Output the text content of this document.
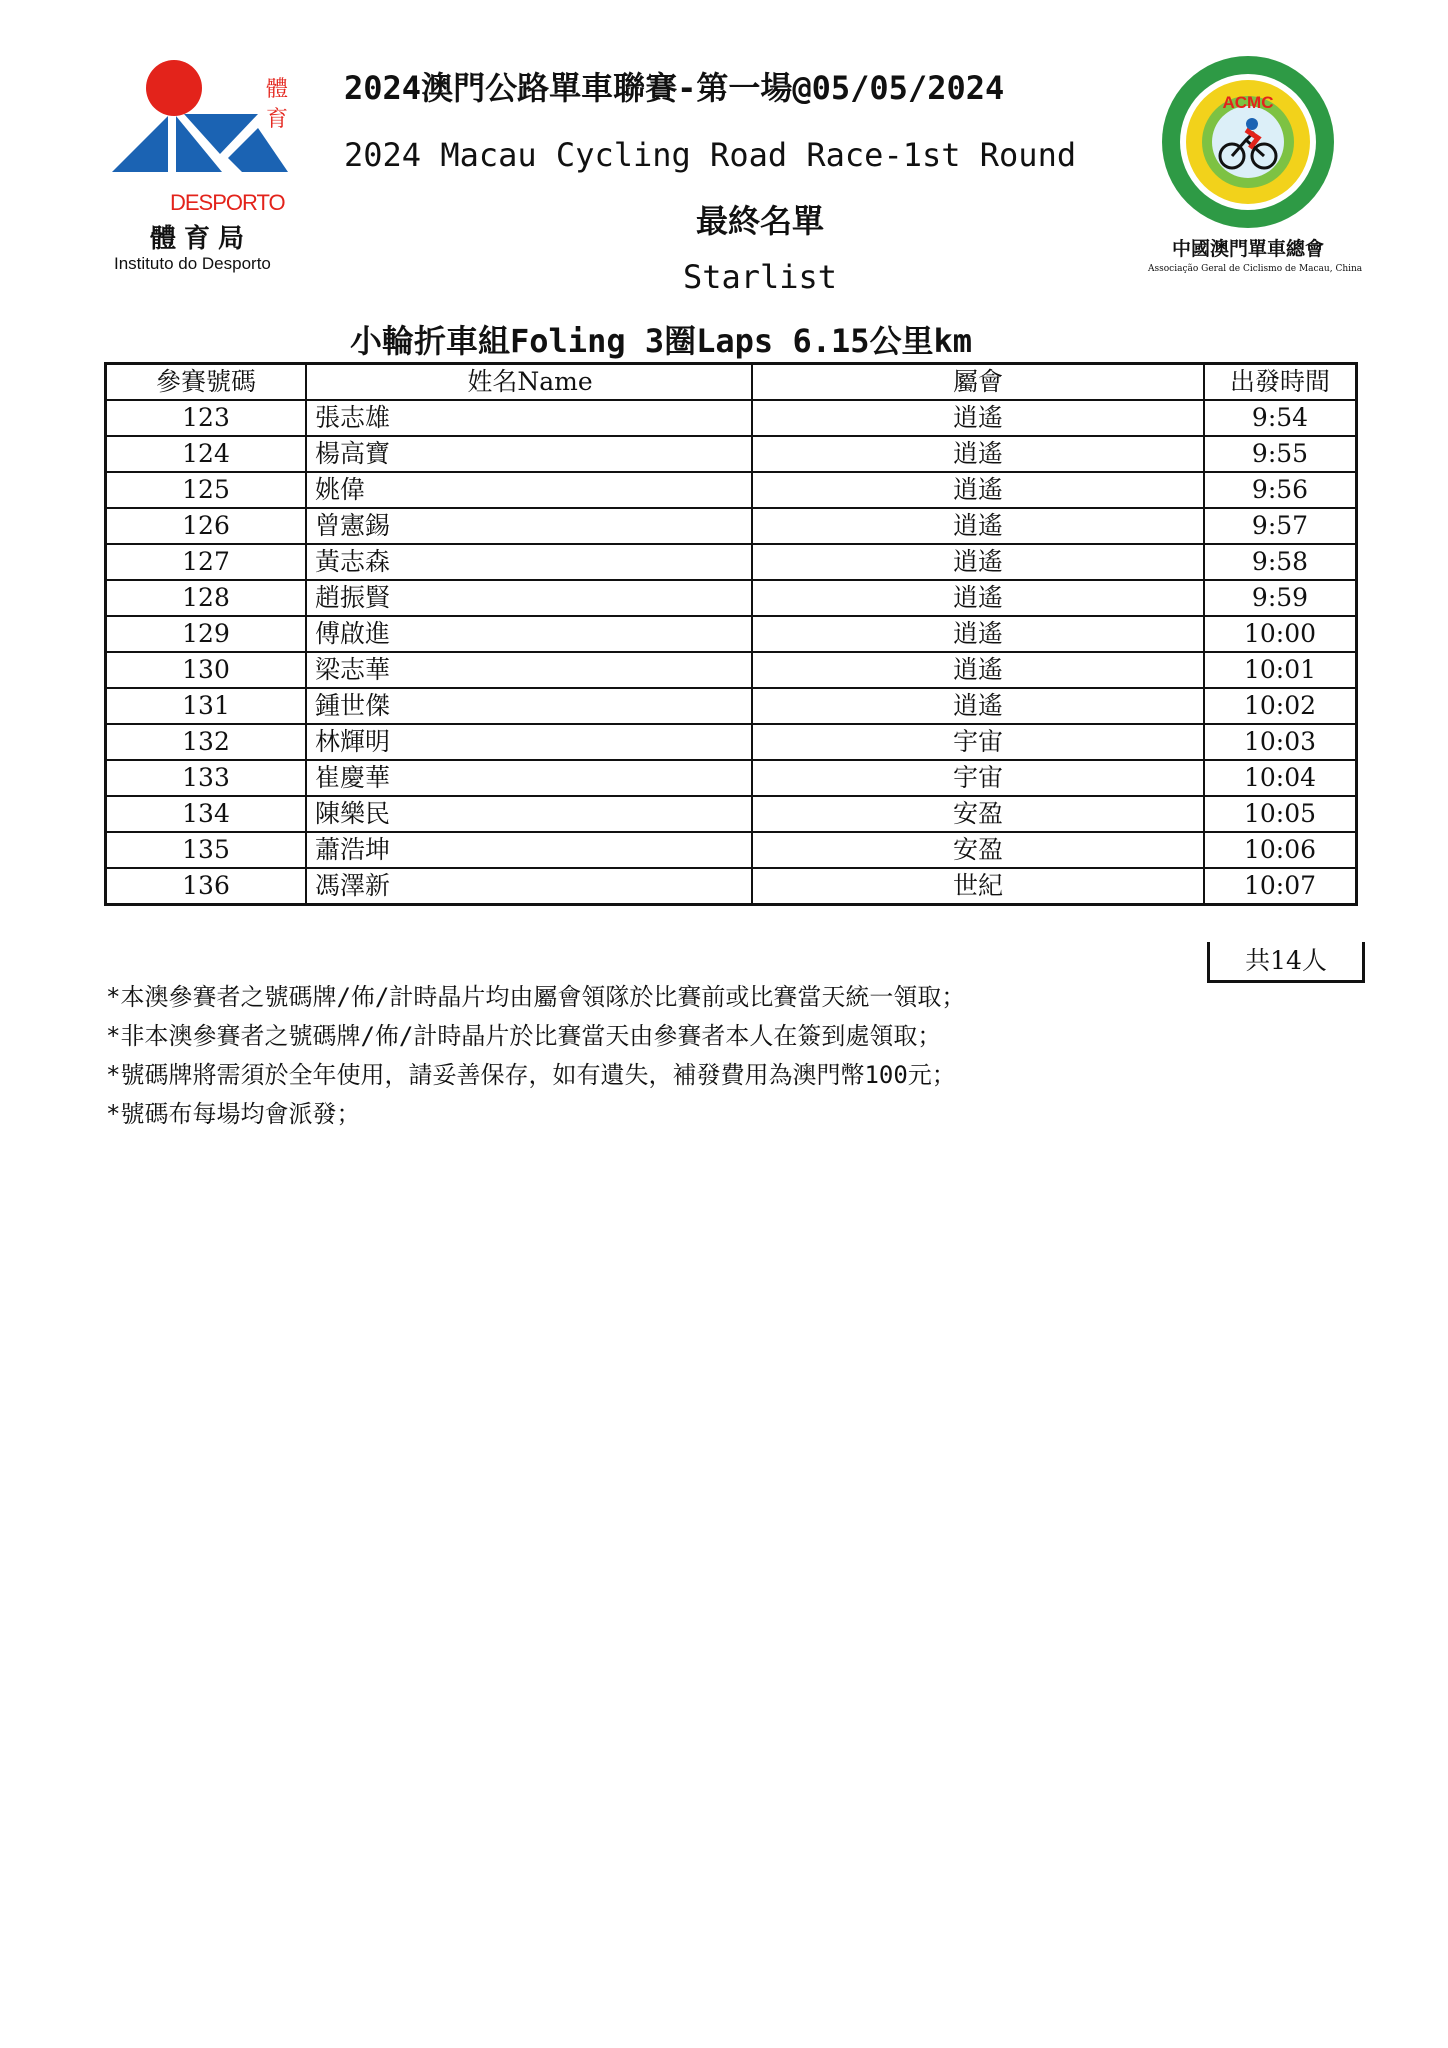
體
育
DESPORTO
體育局
Instituto do Desporto
2024澳門公路單車聯賽-第一場@05/05/2024
2024 Macau Cycling Road Race-1st Round
最終名單
Starlist
ACMC
中國澳門單車總會
Associação Geral de Ciclismo de Macau, China
小輪折車組Foling 3圈Laps 6.15公里km
參賽號碼	姓名Name	屬會	出發時間
123	張志雄	逍遙	9:54
124	楊高寶	逍遙	9:55
125	姚偉	逍遙	9:56
126	曾憲錫	逍遙	9:57
127	黃志森	逍遙	9:58
128	趙振賢	逍遙	9:59
129	傅啟進	逍遙	10:00
130	梁志華	逍遙	10:01
131	鍾世傑	逍遙	10:02
132	林輝明	宇宙	10:03
133	崔慶華	宇宙	10:04
134	陳樂民	安盈	10:05
135	蕭浩坤	安盈	10:06
136	馮澤新	世紀	10:07
共14人
*本澳參賽者之號碼牌/佈/計時晶片均由屬會領隊於比賽前或比賽當天統一領取；
*非本澳參賽者之號碼牌/佈/計時晶片於比賽當天由參賽者本人在簽到處領取；
*號碼牌將需須於全年使用，請妥善保存，如有遺失，補發費用為澳門幣100元；
*號碼布每場均會派發；
